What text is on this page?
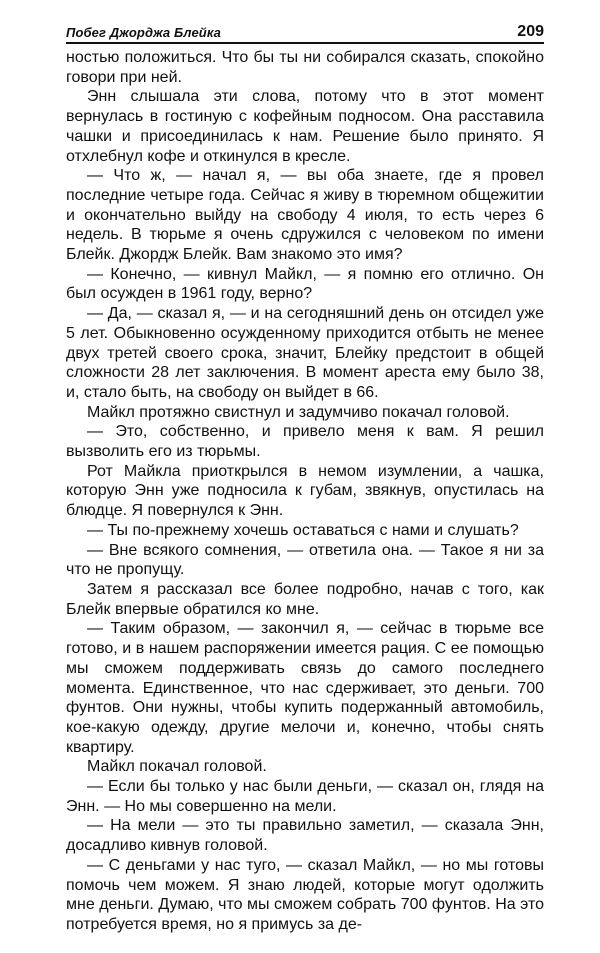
Побег Джорджа Блейка	209

ностью положиться. Что бы ты ни собирался сказать, спокойно говори при ней.

Энн слышала эти слова, потому что в этот момент вернулась в гостиную с кофейным подносом. Она расставила чашки и присоединилась к нам. Решение было принято. Я отхлебнул кофе и откинулся в кресле.

— Что ж, — начал я, — вы оба знаете, где я провел последние четыре года. Сейчас я живу в тюремном общежитии и окончательно выйду на свободу 4 июля, то есть через 6 недель. В тюрьме я очень сдружился с человеком по имени Блейк. Джордж Блейк. Вам знакомо это имя?

— Конечно, — кивнул Майкл, — я помню его отлично. Он был осужден в 1961 году, верно?

— Да, — сказал я, — и на сегодняшний день он отсидел уже 5 лет. Обыкновенно осужденному приходится отбыть не менее двух третей своего срока, значит, Блейку предстоит в общей сложности 28 лет заключения. В момент ареста ему было 38, и, стало быть, на свободу он выйдет в 66.

Майкл протяжно свистнул и задумчиво покачал головой.

— Это, собственно, и привело меня к вам. Я решил вызволить его из тюрьмы.

Рот Майкла приоткрылся в немом изумлении, а чашка, которую Энн уже подносила к губам, звякнув, опустилась на блюдце. Я повернулся к Энн.

— Ты по-прежнему хочешь оставаться с нами и слушать?

— Вне всякого сомнения, — ответила она. — Такое я ни за что не пропущу.

Затем я рассказал все более подробно, начав с того, как Блейк впервые обратился ко мне.

— Таким образом, — закончил я, — сейчас в тюрьме все готово, и в нашем распоряжении имеется рация. С ее помощью мы сможем поддерживать связь до самого последнего момента. Единственное, что нас сдерживает, это деньги. 700 фунтов. Они нужны, чтобы купить подержанный автомобиль, кое-какую одежду, другие мелочи и, конечно, чтобы снять квартиру.

Майкл покачал головой.

— Если бы только у нас были деньги, — сказал он, глядя на Энн. — Но мы совершенно на мели.

— На мели — это ты правильно заметил, — сказала Энн, досадливо кивнув головой.

— С деньгами у нас туго, — сказал Майкл, — но мы готовы помочь чем можем. Я знаю людей, которые могут одолжить мне деньги. Думаю, что мы сможем собрать 700 фунтов. На это потребуется время, но я примусь за де-
